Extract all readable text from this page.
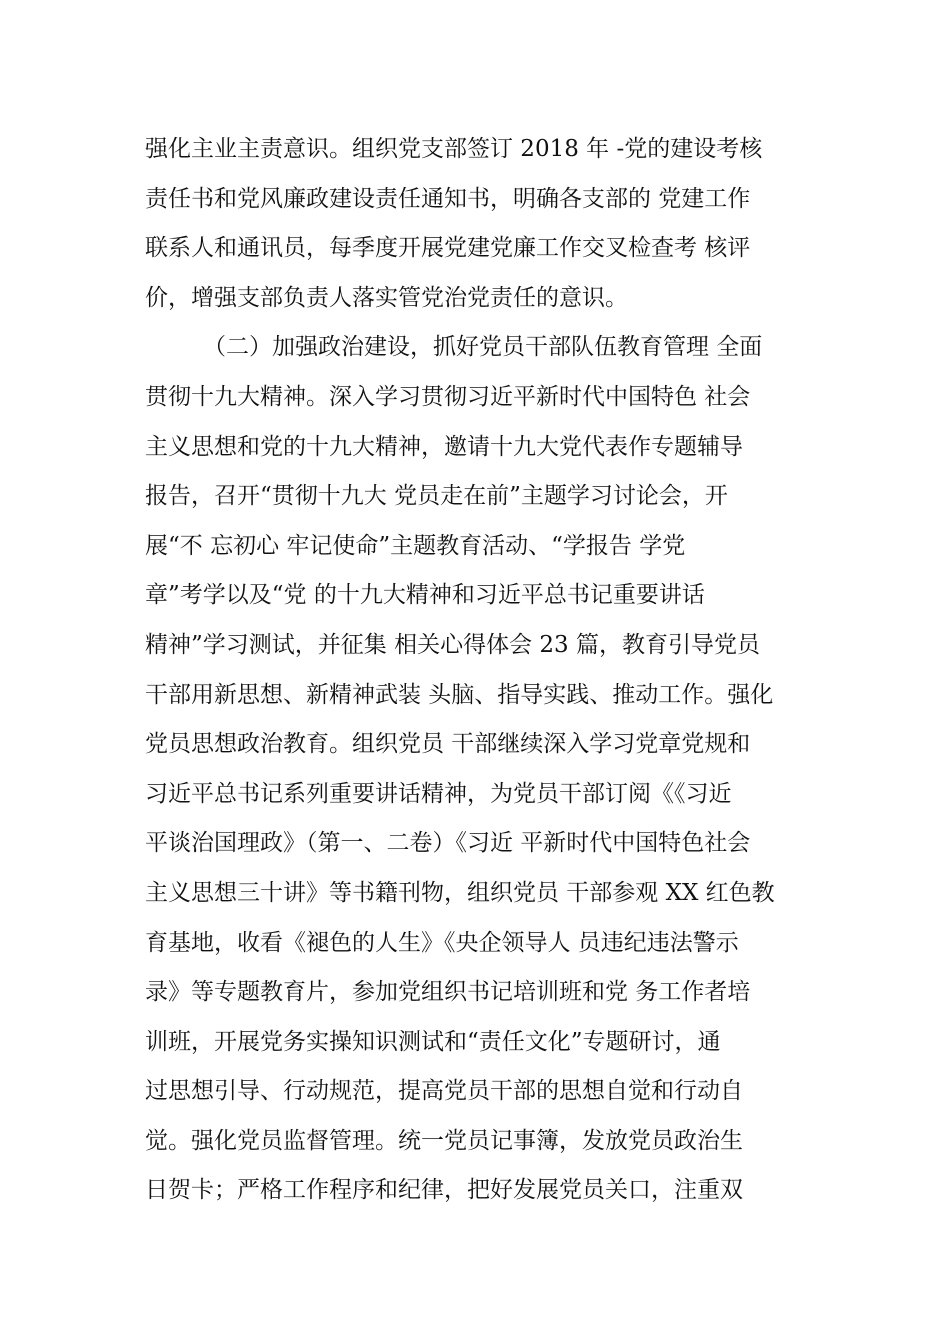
强化主业主责意识。组织党支部签订 2018 年 -党的建设考核
责任书和党风廉政建设责任通知书，明确各支部的 党建工作
联系人和通讯员，每季度开展党建党廉工作交叉检查考 核评
价，增强支部负责人落实管党治党责任的意识。
（二）加强政治建设，抓好党员干部队伍教育管理 全面
贯彻十九大精神。深入学习贯彻习近平新时代中国特色 社会
主义思想和党的十九大精神，邀请十九大党代表作专题辅导
报告，召开“贯彻十九大 党员走在前”主题学习讨论会，开
展“不 忘初心 牢记使命”主题教育活动、“学报告 学党
章”考学以及“党 的十九大精神和习近平总书记重要讲话
精神”学习测试，并征集 相关心得体会 23 篇，教育引导党员
干部用新思想、新精神武装 头脑、指导实践、推动工作。强化
党员思想政治教育。组织党员 干部继续深入学习党章党规和
习近平总书记系列重要讲话精神，为党员干部订阅《《习近
平谈治国理政》（第一、二卷）《习近 平新时代中国特色社会
主义思想三十讲》等书籍刊物，组织党员 干部参观 XX 红色教
育基地，收看《褪色的人生》《央企领导人 员违纪违法警示
录》等专题教育片，参加党组织书记培训班和党 务工作者培
训班，开展党务实操知识测试和“责任文化”专题研讨，通
过思想引导、行动规范，提高党员干部的思想自觉和行动自
觉。强化党员监督管理。统一党员记事簿，发放党员政治生
日贺卡；严格工作程序和纪律，把好发展党员关口，注重双
